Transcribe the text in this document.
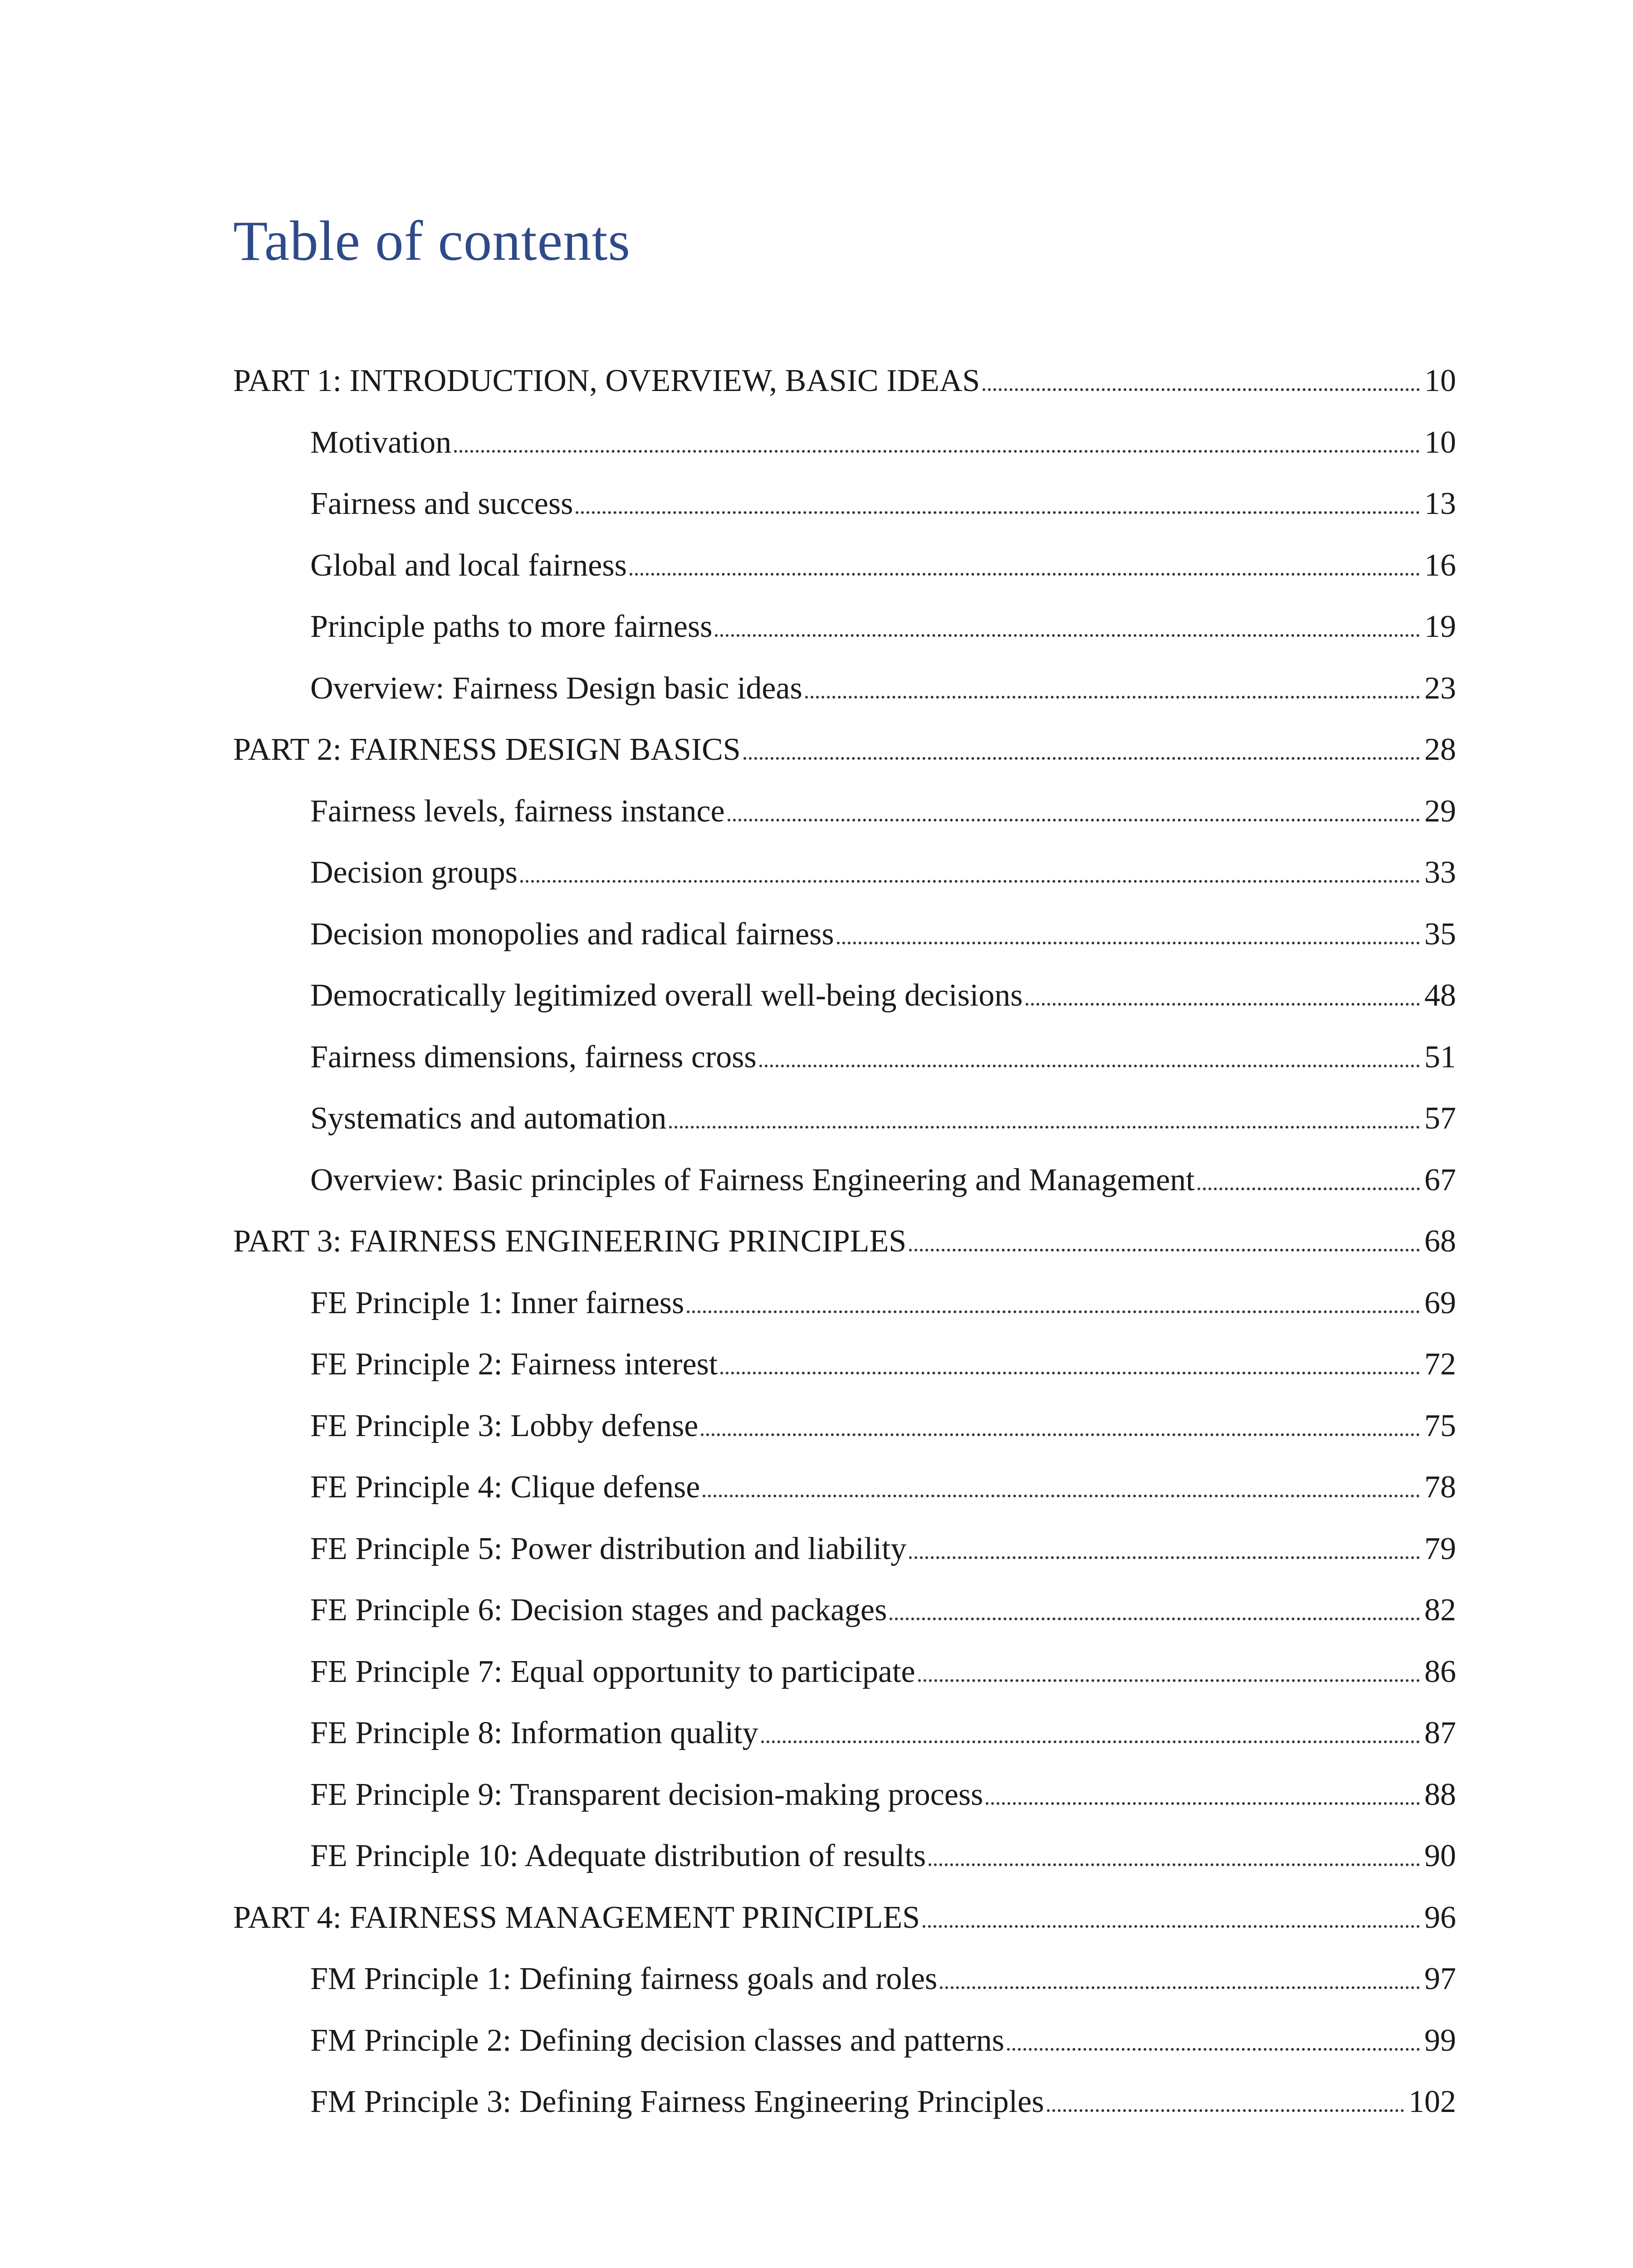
Table of contents
PART 1: INTRODUCTION, OVERVIEW, BASIC IDEAS	10
Motivation	10
Fairness and success	13
Global and local fairness	16
Principle paths to more fairness	19
Overview: Fairness Design basic ideas	23
PART 2: FAIRNESS DESIGN BASICS	28
Fairness levels, fairness instance	29
Decision groups	33
Decision monopolies and radical fairness	35
Democratically legitimized overall well-being decisions	48
Fairness dimensions, fairness cross	51
Systematics and automation	57
Overview: Basic principles of Fairness Engineering and Management	67
PART 3: FAIRNESS ENGINEERING PRINCIPLES	68
FE Principle 1: Inner fairness	69
FE Principle 2: Fairness interest	72
FE Principle 3: Lobby defense	75
FE Principle 4: Clique defense	78
FE Principle 5: Power distribution and liability	79
FE Principle 6: Decision stages and packages	82
FE Principle 7: Equal opportunity to participate	86
FE Principle 8: Information quality	87
FE Principle 9: Transparent decision-making process	88
FE Principle 10: Adequate distribution of results	90
PART 4: FAIRNESS MANAGEMENT PRINCIPLES	96
FM Principle 1: Defining fairness goals and roles	97
FM Principle 2: Defining decision classes and patterns	99
FM Principle 3: Defining Fairness Engineering Principles	102
